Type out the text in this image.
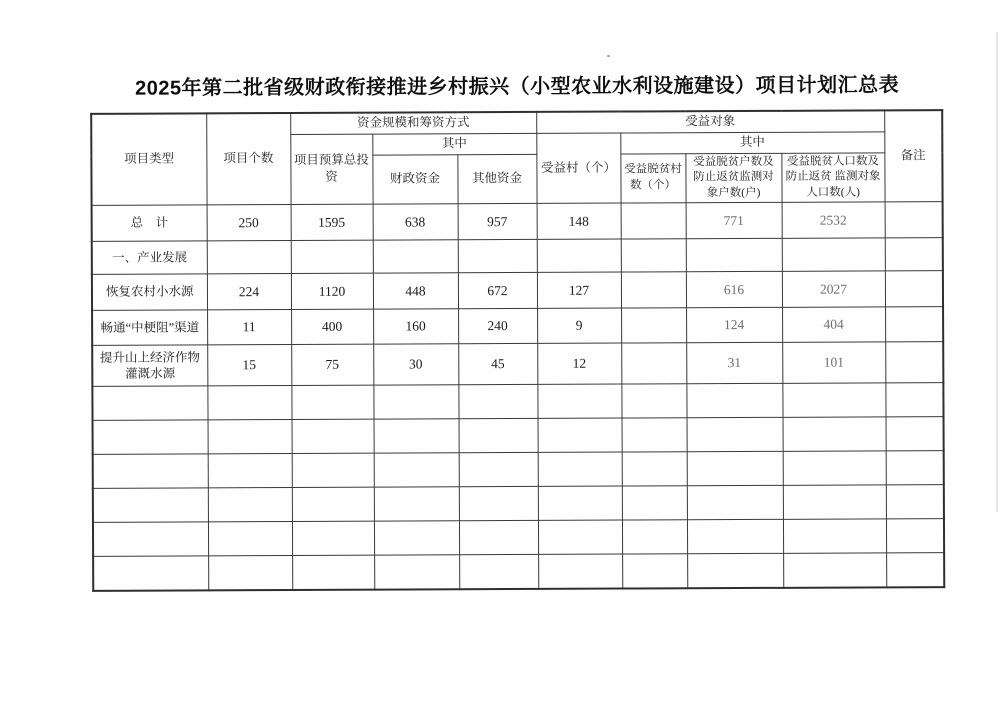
2025年第二批省级财政衔接推进乡村振兴（小型农业水利设施建设）项目计划汇总表
项目类型	项目个数	资金规模和筹资方式			受益对象				备注
		项目预算总投资	其中		受益村（个）	其中			
			财政资金	其他资金		受益脱贫村数（个）	受益脱贫户数及防止返贫监测对象户数(户)	受益脱贫人口数及防止返贫 监测对象人口数(人)	
总　计	250	1595	638	957	148		771	2532	
一、产业发展									
恢复农村小水源	224	1120	448	672	127		616	2027	
畅通“中梗阻”渠道	11	400	160	240	9		124	404	
提升山上经济作物灌溉水源	15	75	30	45	12		31	101	
